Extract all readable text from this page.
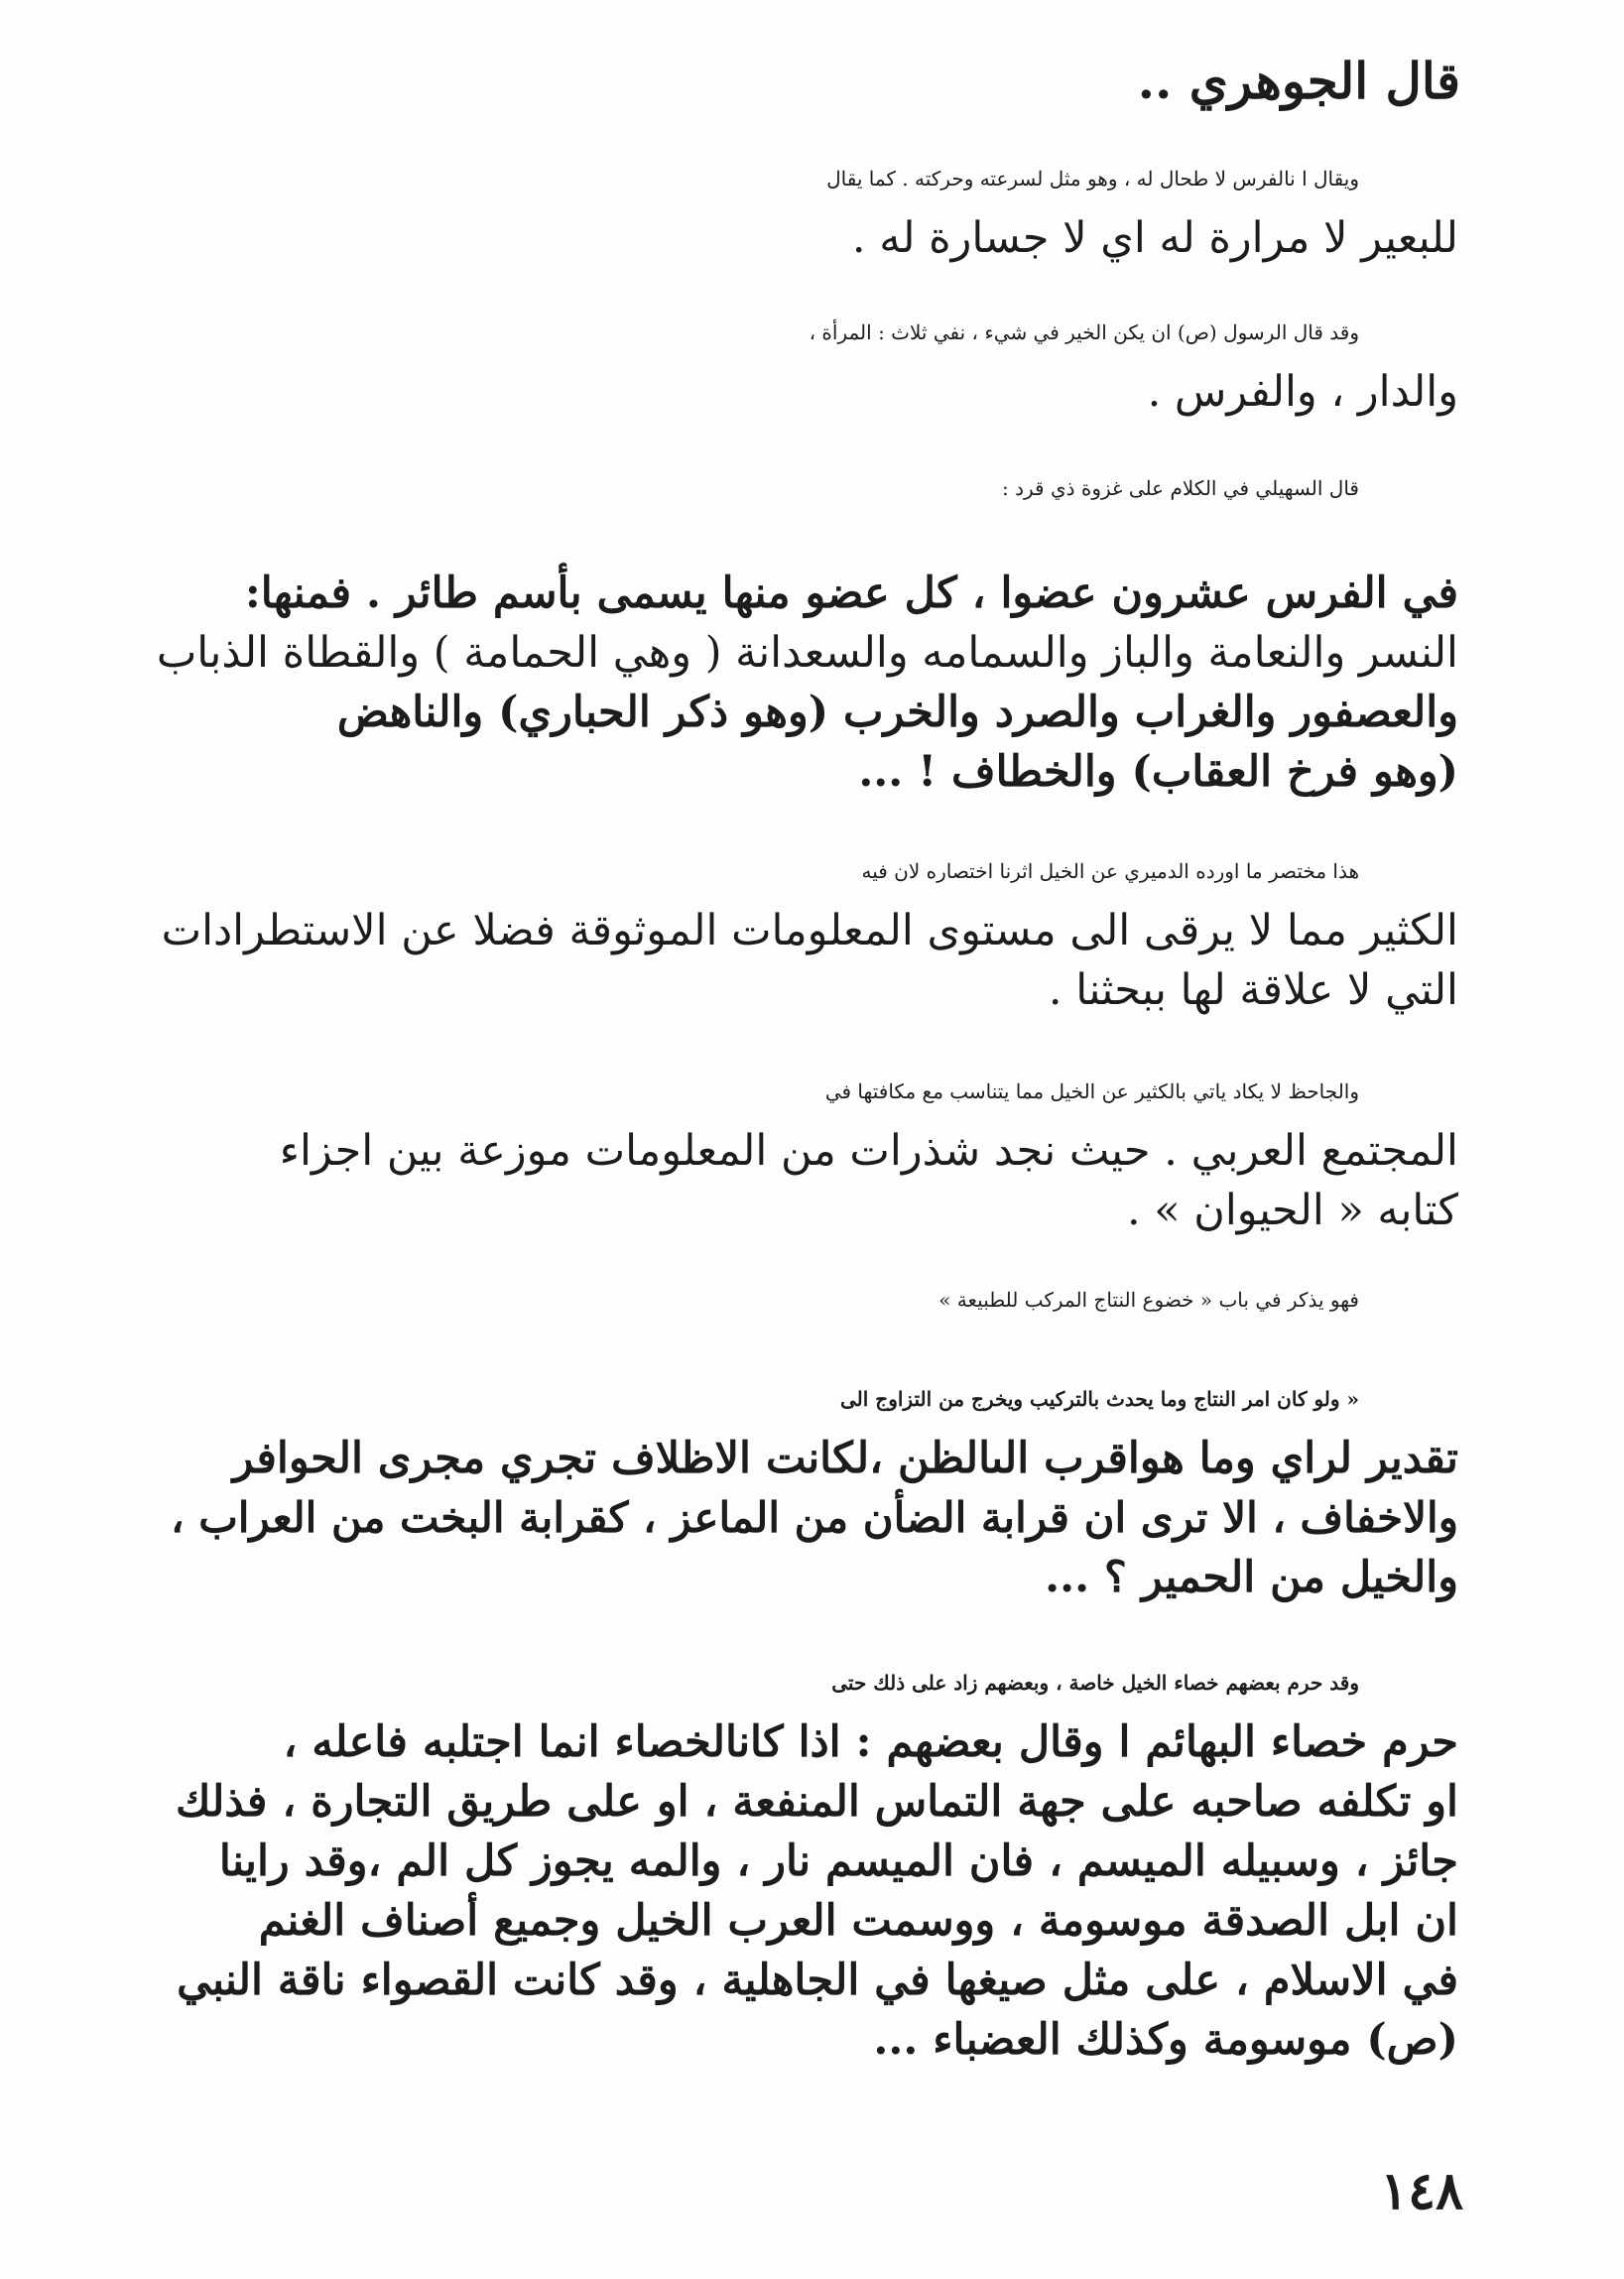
قال الجوهري ..
ويقال ا نالفرس لا طحال له ، وهو مثل لسرعته وحركته . كما يقال
للبعير لا مرارة له اي لا جسارة له .
وقد قال الرسول (ص) ان يكن الخير في شيء ، نفي ثلاث : المرأة ،
والدار ، والفرس .
قال السهيلي في الكلام على غزوة ذي قرد :
في الفرس عشرون عضوا ، كل عضو منها يسمى بأسم طائر . فمنها:
النسر والنعامة والباز والسمامه والسعدانة ( وهي الحمامة ) والقطاة الذباب
والعصفور والغراب والصرد والخرب (وهو ذكر الحباري) والناهض
(وهو فرخ العقاب) والخطاف ! ...
هذا مختصر ما اورده الدميري عن الخيل اثرنا اختصاره لان فيه
الكثير مما لا يرقى الى مستوى المعلومات الموثوقة فضلا عن الاستطرادات
التي لا علاقة لها ببحثنا .
والجاحظ لا يكاد ياتي بالكثير عن الخيل مما يتناسب مع مكافتها في
المجتمع العربي . حيث نجد شذرات من المعلومات موزعة بين اجزاء
كتابه « الحيوان » .
فهو يذكر في باب « خضوع النتاج المركب للطبيعة »
« ولو كان امر النتاج وما يحدث بالتركيب ويخرج من التزاوج الى
تقدير لراي وما هواقرب الىالظن ،لكانت الاظلاف تجري مجرى الحوافر
والاخفاف ، الا ترى ان قرابة الضأن من الماعز ، كقرابة البخت من العراب ،
والخيل من الحمير ؟ ...
وقد حرم بعضهم خصاء الخيل خاصة ، وبعضهم زاد على ذلك حتى
حرم خصاء البهائم ا وقال بعضهم : اذا كانالخصاء انما اجتلبه فاعله ،
او تكلفه صاحبه على جهة التماس المنفعة ، او على طريق التجارة ، فذلك
جائز ، وسبيله الميسم ، فان الميسم نار ، والمه يجوز كل الم ،وقد راينا
ان ابل الصدقة موسومة ، ووسمت العرب الخيل وجميع أصناف الغنم
في الاسلام ، على مثل صيغها في الجاهلية ، وقد كانت القصواء ناقة النبي
(ص) موسومة وكذلك العضباء ...
١٤٨
